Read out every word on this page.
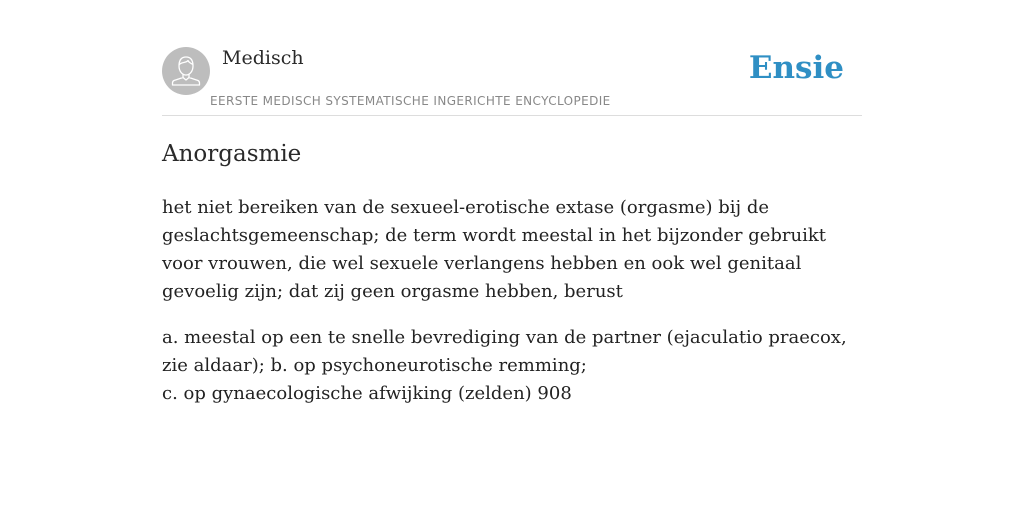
Medisch
EERSTE MEDISCH SYSTEMATISCHE INGERICHTE ENCYCLOPEDIE
Ensie
Anorgasmie

het niet bereiken van de sexueel-erotische extase (orgasme) bij de geslachtsgemeenschap; de term wordt meestal in het bijzonder gebruikt voor vrouwen, die wel sexuele verlangens hebben en ook wel genitaal gevoelig zijn; dat zij geen orgasme hebben, berust

a. meestal op een te snelle bevrediging van de partner (ejaculatio praecox, zie aldaar); b. op psychoneurotische remming;
c. op gynaecologische afwijking (zelden) 908
